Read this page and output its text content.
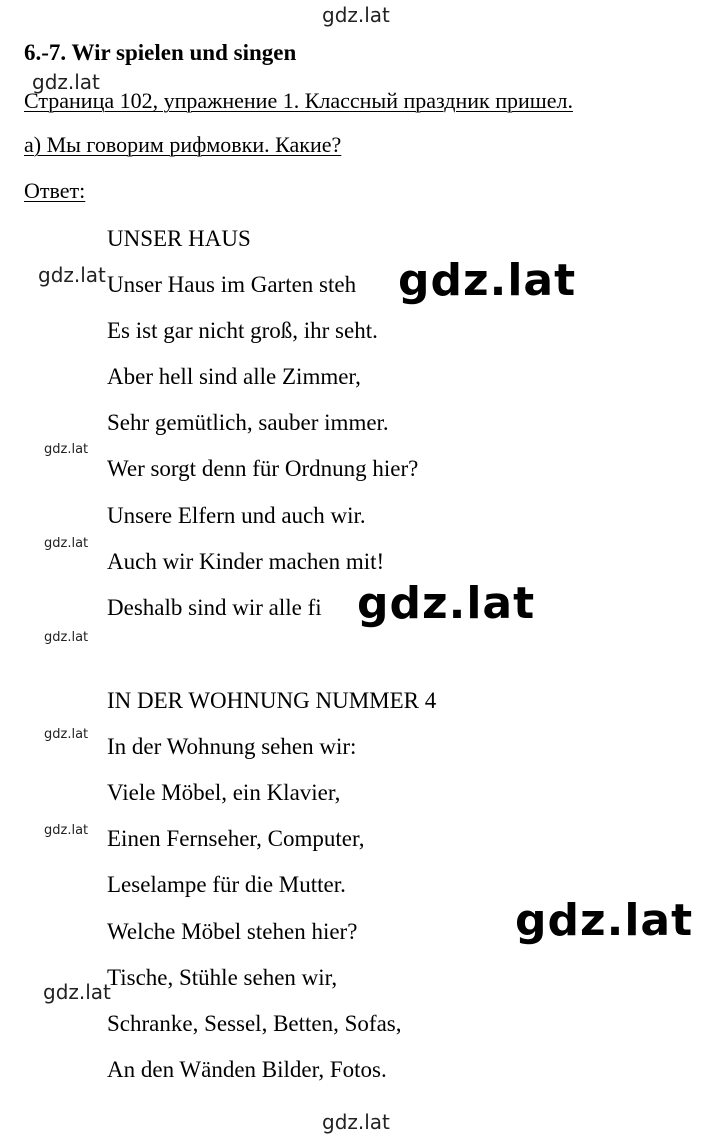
6.-7. Wir spielen und singen
Страница 102, упражнение 1. Классный праздник пришел.
а) Мы говорим рифмовки. Какие?
Ответ:
UNSER HAUS
Unser Haus im Garten steh
Es ist gar nicht groß, ihr seht.
Aber hell sind alle Zimmer,
Sehr gemütlich, sauber immer.
Wer sorgt denn für Ordnung hier?
Unsere Elfern und auch wir.
Auch wir Kinder machen mit!
Deshalb sind wir alle fi
IN DER WOHNUNG NUMMER 4
In der Wohnung sehen wir:
Viele Möbel, ein Klavier,
Einen Fernseher, Computer,
Leselampe für die Mutter.
Welche Möbel stehen hier?
Tische, Stühle sehen wir,
Schranke, Sessel, Betten, Sofas,
An den Wänden Bilder, Fotos.
gdz.lat
gdz.lat
gdz.lat	gdz.lat
gdz.lat
gdz.lat
gdz.lat
gdz.lat
gdz.lat
gdz.lat
gdz.lat
gdz.lat
gdz.lat
